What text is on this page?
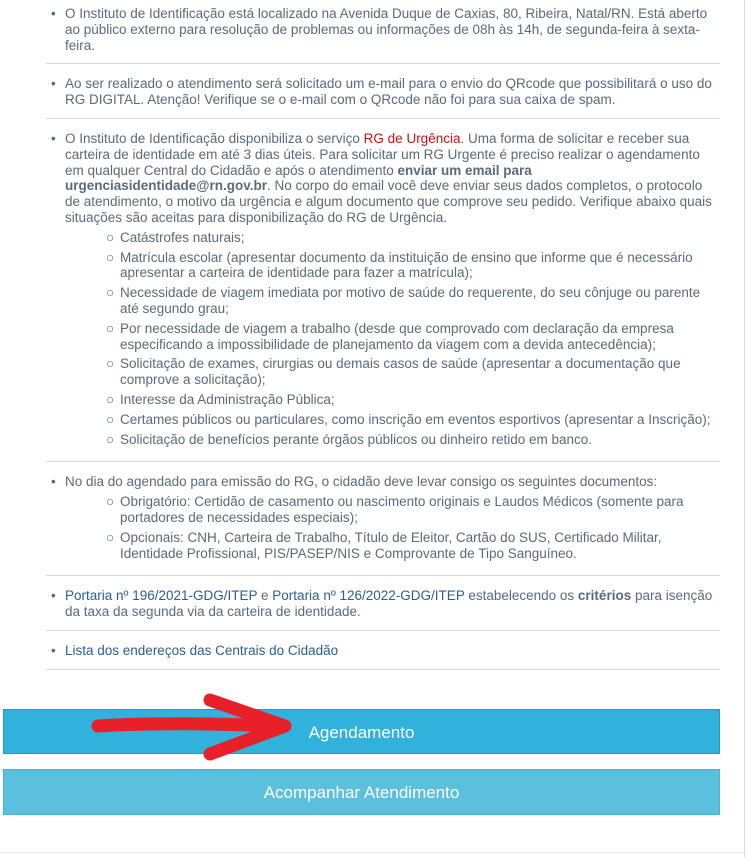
• O Instituto de Identificação está localizado na Avenida Duque de Caxias, 80, Ribeira, Natal/RN. Está aberto ao público externo para resolução de problemas ou informações de 08h às 14h, de segunda-feira à sexta-feira.
• Ao ser realizado o atendimento será solicitado um e-mail para o envio do QRcode que possibilitará o uso do RG DIGITAL. Atenção! Verifique se o e-mail com o QRcode não foi para sua caixa de spam.
• O Instituto de Identificação disponibiliza o serviço RG de Urgência. Uma forma de solicitar e receber sua carteira de identidade em até 3 dias úteis. Para solicitar um RG Urgente é preciso realizar o agendamento em qualquer Central do Cidadão e após o atendimento enviar um email para urgenciasidentidade@rn.gov.br. No corpo do email você deve enviar seus dados completos, o protocolo de atendimento, o motivo da urgência e algum documento que comprove seu pedido. Verifique abaixo quais situações são aceitas para disponibilização do RG de Urgência.
○ Catástrofes naturais;
○ Matrícula escolar (apresentar documento da instituição de ensino que informe que é necessário apresentar a carteira de identidade para fazer a matrícula);
○ Necessidade de viagem imediata por motivo de saúde do requerente, do seu cônjuge ou parente até segundo grau;
○ Por necessidade de viagem a trabalho (desde que comprovado com declaração da empresa especificando a impossibilidade de planejamento da viagem com a devida antecedência);
○ Solicitação de exames, cirurgias ou demais casos de saúde (apresentar a documentação que comprove a solicitação);
○ Interesse da Administração Pública;
○ Certames públicos ou particulares, como inscrição em eventos esportivos (apresentar a Inscrição);
○ Solicitação de benefícios perante órgãos públicos ou dinheiro retido em banco.
• No dia do agendado para emissão do RG, o cidadão deve levar consigo os seguintes documentos:
○ Obrigatório: Certidão de casamento ou nascimento originais e Laudos Médicos (somente para portadores de necessidades especiais);
○ Opcionais: CNH, Carteira de Trabalho, Título de Eleitor, Cartão do SUS, Certificado Militar, Identidade Profissional, PIS/PASEP/NIS e Comprovante de Tipo Sanguíneo.
• Portaria nº 196/2021-GDG/ITEP e Portaria nº 126/2022-GDG/ITEP estabelecendo os critérios para isenção da taxa da segunda via da carteira de identidade.
• Lista dos endereços das Centrais do Cidadão
Agendamento
Acompanhar Atendimento
